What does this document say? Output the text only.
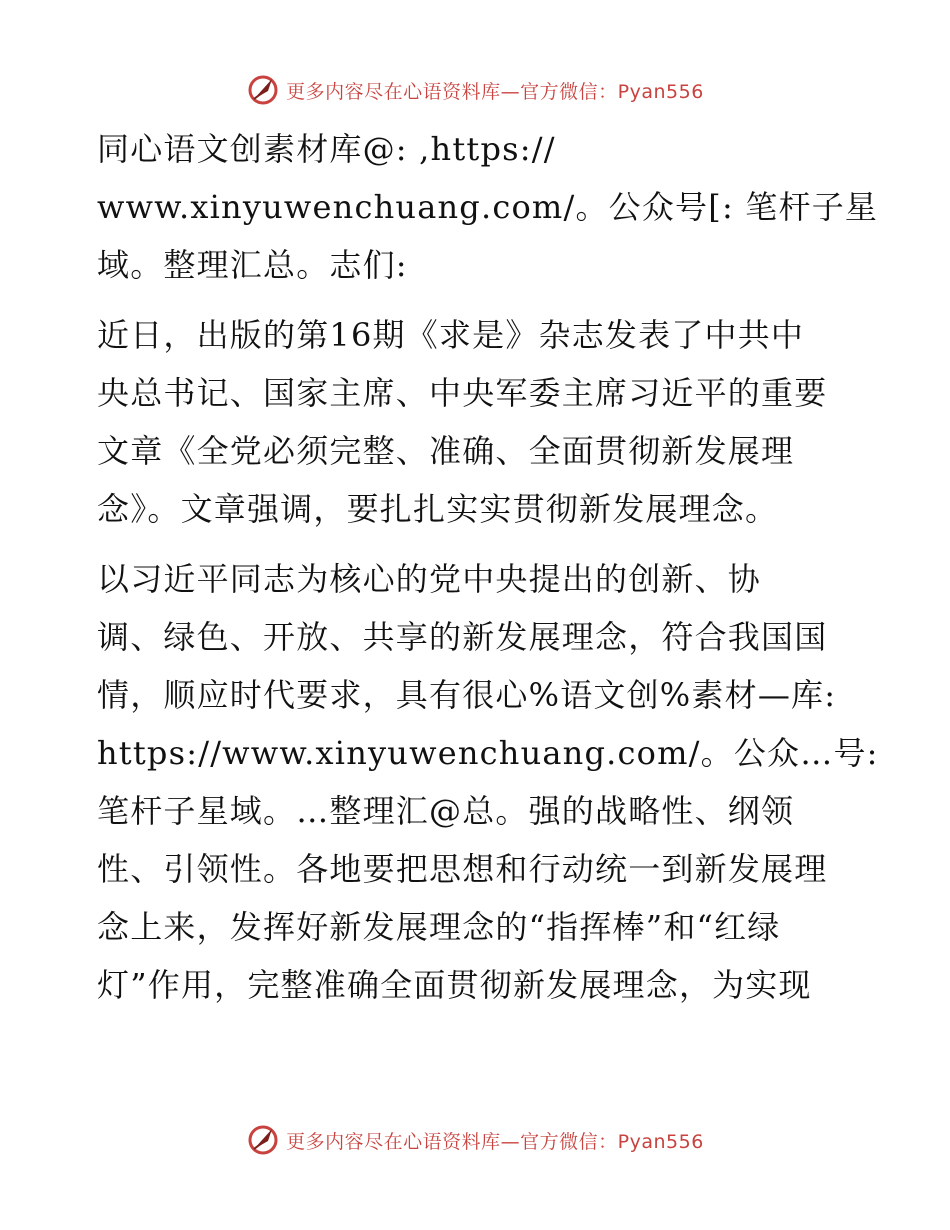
更多内容尽在心语资料库—官方微信：Pyan556
同心语文创素材库@: ,https://
www.xinyuwenchuang.com/。公众号[: 笔杆子星
域。整理汇总。志们:
近日，出版的第16期《求是》杂志发表了中共中
央总书记、国家主席、中央军委主席习近平的重要
文章《全党必须完整、准确、全面贯彻新发展理
念》。文章强调，要扎扎实实贯彻新发展理念。
以习近平同志为核心的党中央提出的创新、协
调、绿色、开放、共享的新发展理念，符合我国国
情，顺应时代要求，具有很心%语文创%素材—库:
https://www.xinyuwenchuang.com/。公众…号:
笔杆子星域。…整理汇@总。强的战略性、纲领
性、引领性。各地要把思想和行动统一到新发展理
念上来，发挥好新发展理念的“指挥棒”和“红绿
灯”作用，完整准确全面贯彻新发展理念，为实现
更多内容尽在心语资料库—官方微信：Pyan556
